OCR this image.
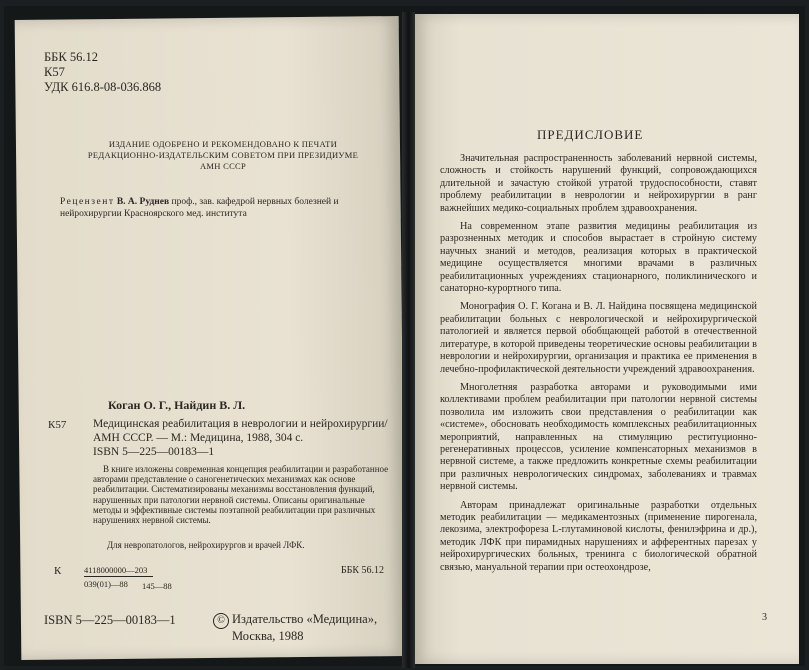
ББК 56.12
К57
УДК 616.8-08-036.868
ИЗДАНИЕ ОДОБРЕНО И РЕКОМЕНДОВАНО К ПЕЧАТИ
РЕДАКЦИОННО-ИЗДАТЕЛЬСКИМ СОВЕТОМ ПРИ ПРЕЗИДИУМЕ
АМН СССР
Рецензент В. А. Руднев проф., зав. кафедрой нервных болезней и нейрохирургии Красноярского мед. института
Коган О. Г., Найдин В. Л.
К57 Медицинская реабилитация в неврологии и нейрохирургии/АМН СССР. — М.: Медицина, 1988, 304 с.
ISBN 5—225—00183—1
В книге изложены современная концепция реабилитации и разработанное авторами представление о саногенетических механизмах как основе реабилитации. Систематизированы механизмы восстановления функций, нарушенных при патологии нервной системы. Описаны оригинальные методы и эффективные системы поэтапной реабилитации при различных нарушениях нервной системы.
Для невропатологов, нейрохирургов и врачей ЛФК.
К	4118000000—203
039(01)—88 145—88
ББК 56.12
ISBN 5—225—00183—1	© Издательство «Медицина»,
Москва, 1988
ПРЕДИСЛОВИЕ

Значительная распространенность заболеваний нервной системы, сложность и стойкость нарушений функций, сопровождающихся длительной и зачастую стойкой утратой трудоспособности, ставят проблему реабилитации в неврологии и нейрохирургии в ранг важнейших медико-социальных проблем здравоохранения.

На современном этапе развития медицины реабилитация из разрозненных методик и способов вырастает в стройную систему научных знаний и методов, реализация которых в практической медицине осуществляется многими врачами в различных реабилитационных учреждениях стационарного, поликлинического и санаторно-курортного типа.

Монография О. Г. Когана и В. Л. Найдина посвящена медицинской реабилитации больных с неврологической и нейрохирургической патологией и является первой обобщающей работой в отечественной литературе, в которой приведены теоретические основы реабилитации в неврологии и нейрохирургии, организация и практика ее применения в лечебно-профилактической деятельности учреждений здравоохранения.

Многолетняя разработка авторами и руководимыми ими коллективами проблем реабилитации при патологии нервной системы позволила им изложить свои представления о реабилитации как «системе», обосновать необходимость комплексных реабилитационных мероприятий, направленных на стимуляцию реституционно-регенеративных процессов, усиление компенсаторных механизмов в нервной системе, а также предложить конкретные схемы реабилитации при различных неврологических синдромах, заболеваниях и травмах нервной системы.

Авторам принадлежат оригинальные разработки отдельных методик реабилитации — медикаментозных (применение пирогенала, лекозима, электрофореза L-глутаминовой кислоты, фенилэфрина и др.), методик ЛФК при пирамидных нарушениях и афферентных парезах у нейрохирургических больных, тренинга с биологической обратной связью, мануальной терапии при остеохондрозе,

3
